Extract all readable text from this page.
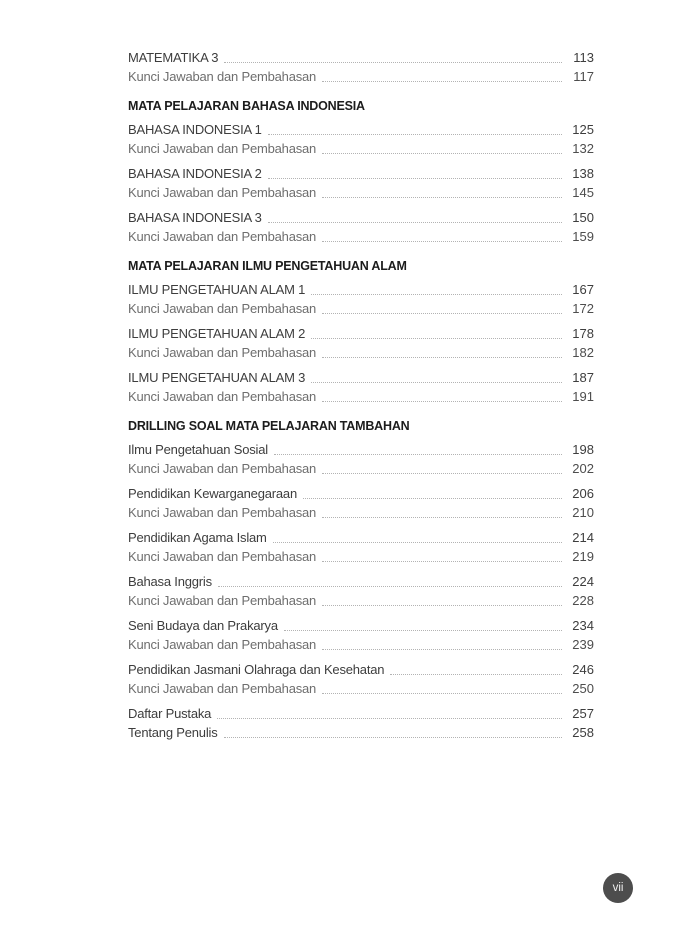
MATEMATIKA 3	113
Kunci Jawaban dan Pembahasan	117
MATA PELAJARAN BAHASA INDONESIA
BAHASA INDONESIA 1	125
Kunci Jawaban dan Pembahasan	132
BAHASA INDONESIA 2	138
Kunci Jawaban dan Pembahasan	145
BAHASA INDONESIA 3	150
Kunci Jawaban dan Pembahasan	159
MATA PELAJARAN ILMU PENGETAHUAN ALAM
ILMU PENGETAHUAN ALAM 1	167
Kunci Jawaban dan Pembahasan	172
ILMU PENGETAHUAN ALAM 2	178
Kunci Jawaban dan Pembahasan	182
ILMU PENGETAHUAN ALAM 3	187
Kunci Jawaban dan Pembahasan	191
DRILLING SOAL MATA PELAJARAN TAMBAHAN
Ilmu Pengetahuan Sosial	198
Kunci Jawaban dan Pembahasan	202
Pendidikan Kewarganegaraan	206
Kunci Jawaban dan Pembahasan	210
Pendidikan Agama Islam	214
Kunci Jawaban dan Pembahasan	219
Bahasa Inggris	224
Kunci Jawaban dan Pembahasan	228
Seni Budaya dan Prakarya	234
Kunci Jawaban dan Pembahasan	239
Pendidikan Jasmani Olahraga dan Kesehatan	246
Kunci Jawaban dan Pembahasan	250
Daftar Pustaka	257
Tentang Penulis	258
vii
